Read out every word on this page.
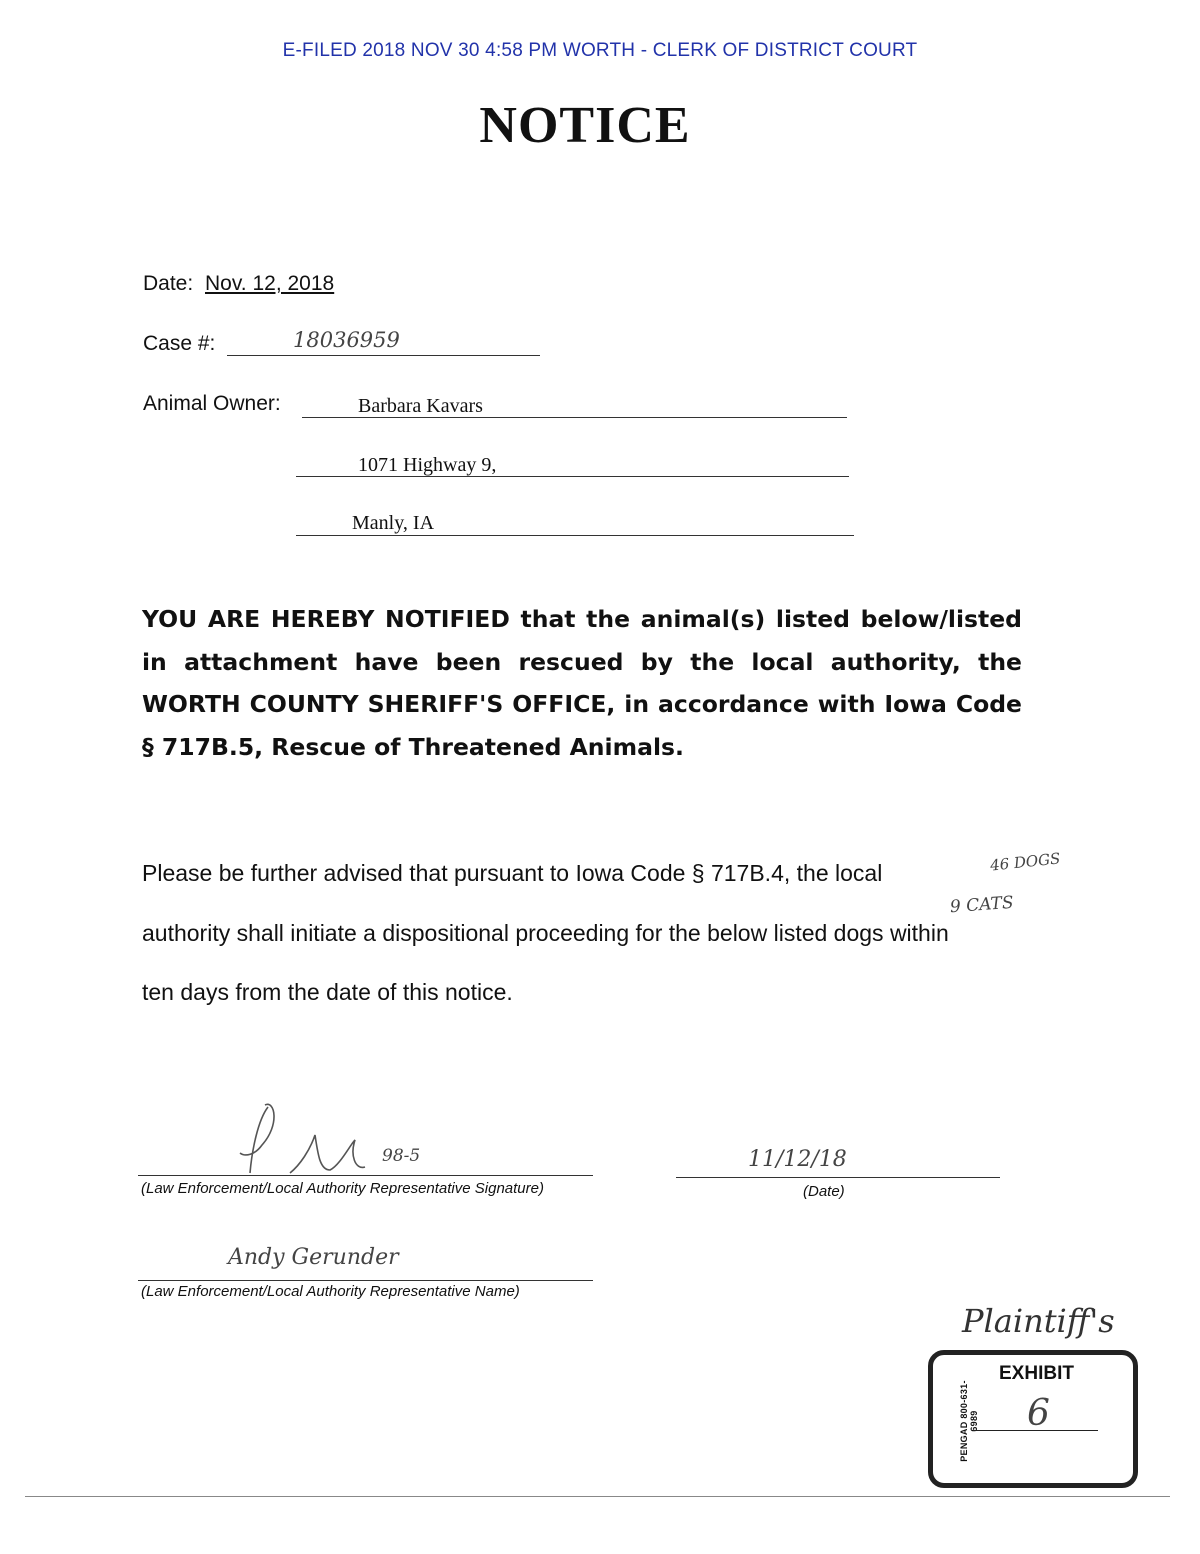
E-FILED 2018 NOV 30 4:58 PM WORTH - CLERK OF DISTRICT COURT
NOTICE
Date: Nov. 12, 2018
Case #:	18036959
Animal Owner:	Barbara Kavars
1071 Highway 9,
Manly, IA
YOU ARE HEREBY NOTIFIED that the animal(s) listed below/listed in attachment have been rescued by the local authority, the WORTH COUNTY SHERIFF'S OFFICE, in accordance with Iowa Code § 717B.5, Rescue of Threatened Animals.
Please be further advised that pursuant to Iowa Code § 717B.4, the local
authority shall initiate a dispositional proceeding for the below listed dogs within
ten days from the date of this notice.
46 DOGS
9 CATS
98-5
(Law Enforcement/Local Authority Representative Signature)
11/12/18
(Date)
Andy Gerunder
(Law Enforcement/Local Authority Representative Name)
Plaintiff's
PENGAD 800-631-6989
EXHIBIT
6
